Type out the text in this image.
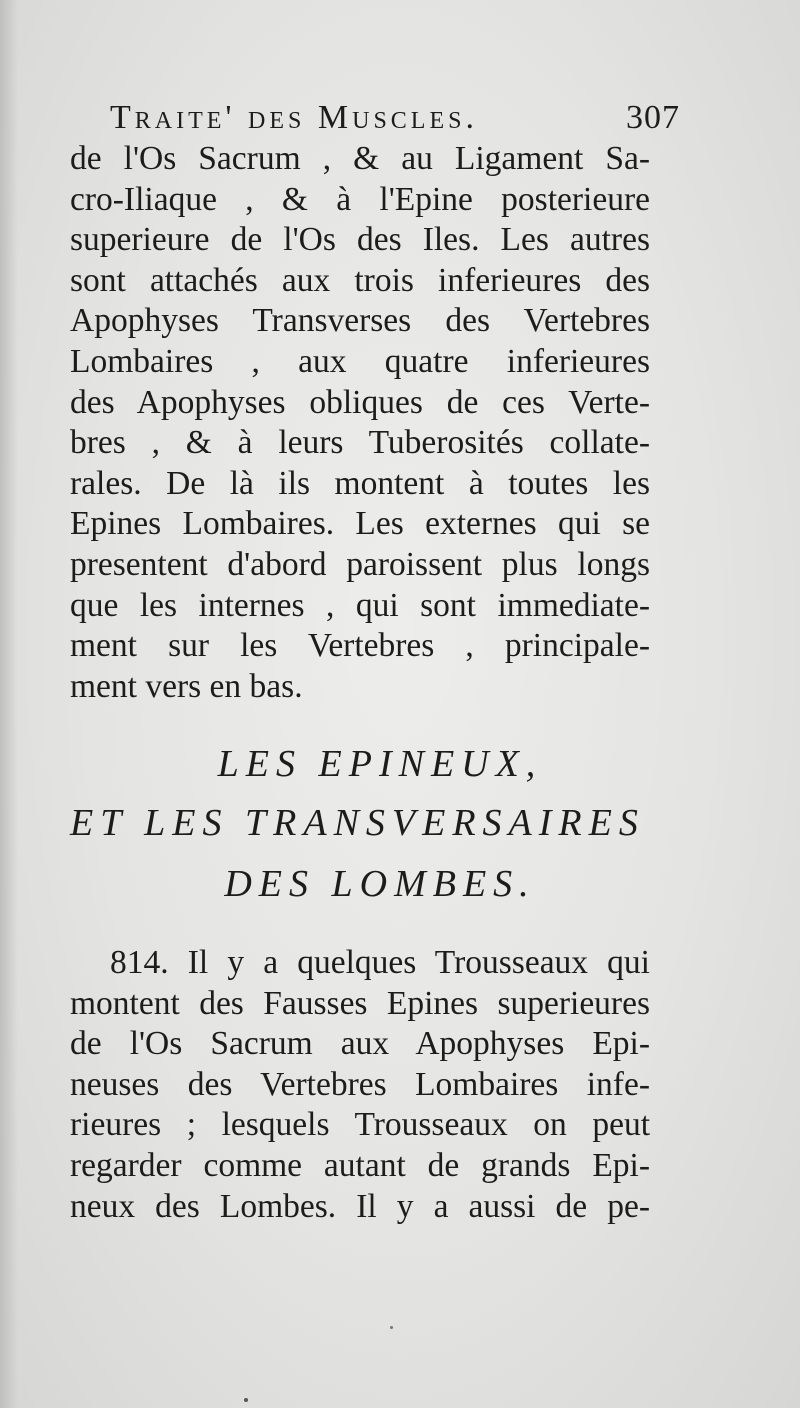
Traite' des Muscles.	307
de l'Os Sacrum , & au Ligament Sa-
cro-Iliaque , & à l'Epine posterieure
superieure de l'Os des Iles. Les autres
sont attachés aux trois inferieures des
Apophyses Transverses des Vertebres
Lombaires , aux quatre inferieures
des Apophyses obliques de ces Verte-
bres , & à leurs Tuberosités collate-
rales. De là ils montent à toutes les
Epines Lombaires. Les externes qui se
presentent d'abord paroissent plus longs
que les internes , qui sont immediate-
ment sur les Vertebres , principale-
ment vers en bas.
LES EPINEUX,
ET LES TRANSVERSAIRES
DES LOMBES.
814. Il y a quelques Trousseaux qui
montent des Fausses Epines superieures
de l'Os Sacrum aux Apophyses Epi-
neuses des Vertebres Lombaires infe-
rieures ; lesquels Trousseaux on peut
regarder comme autant de grands Epi-
neux des Lombes. Il y a aussi de pe-
